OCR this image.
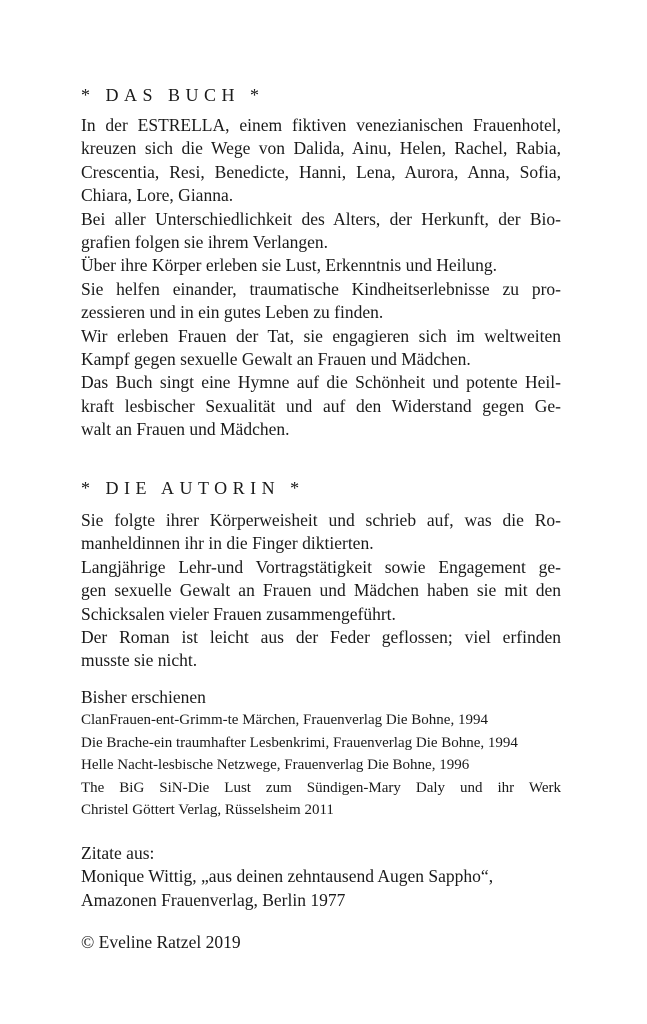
* DAS BUCH *
In der ESTRELLA, einem fiktiven venezianischen Frauenhotel,
kreuzen sich die Wege von Dalida, Ainu, Helen, Rachel, Rabia,
Crescentia, Resi, Benedicte, Hanni, Lena, Aurora, Anna, Sofia,
Chiara, Lore, Gianna.
Bei aller Unterschiedlichkeit des Alters, der Herkunft, der Bio-
grafien folgen sie ihrem Verlangen.
Über ihre Körper erleben sie Lust, Erkenntnis und Heilung.
Sie helfen einander, traumatische Kindheitserlebnisse zu pro-
zessieren und in ein gutes Leben zu finden.
Wir erleben Frauen der Tat, sie engagieren sich im weltweiten
Kampf gegen sexuelle Gewalt an Frauen und Mädchen.
Das Buch singt eine Hymne auf die Schönheit und potente Heil-
kraft lesbischer Sexualität und auf den Widerstand gegen Ge-
walt an Frauen und Mädchen.
* DIE AUTORIN *
Sie folgte ihrer Körperweisheit und schrieb auf, was die Ro-
manheldinnen ihr in die Finger diktierten.
Langjährige Lehr-und Vortragstätigkeit sowie Engagement ge-
gen sexuelle Gewalt an Frauen und Mädchen haben sie mit den
Schicksalen vieler Frauen zusammengeführt.
Der Roman ist leicht aus der Feder geflossen; viel erfinden
musste sie nicht.
Bisher erschienen
ClanFrauen-ent-Grimm-te Märchen, Frauenverlag Die Bohne, 1994
Die Brache-ein traumhafter Lesbenkrimi, Frauenverlag Die Bohne, 1994
Helle Nacht-lesbische Netzwege, Frauenverlag Die Bohne, 1996
The BiG SiN-Die Lust zum Sündigen-Mary Daly und ihr Werk
Christel Göttert Verlag, Rüsselsheim 2011
Zitate aus:
Monique Wittig, „aus deinen zehntausend Augen Sappho“,
Amazonen Frauenverlag, Berlin 1977
© Eveline Ratzel 2019
